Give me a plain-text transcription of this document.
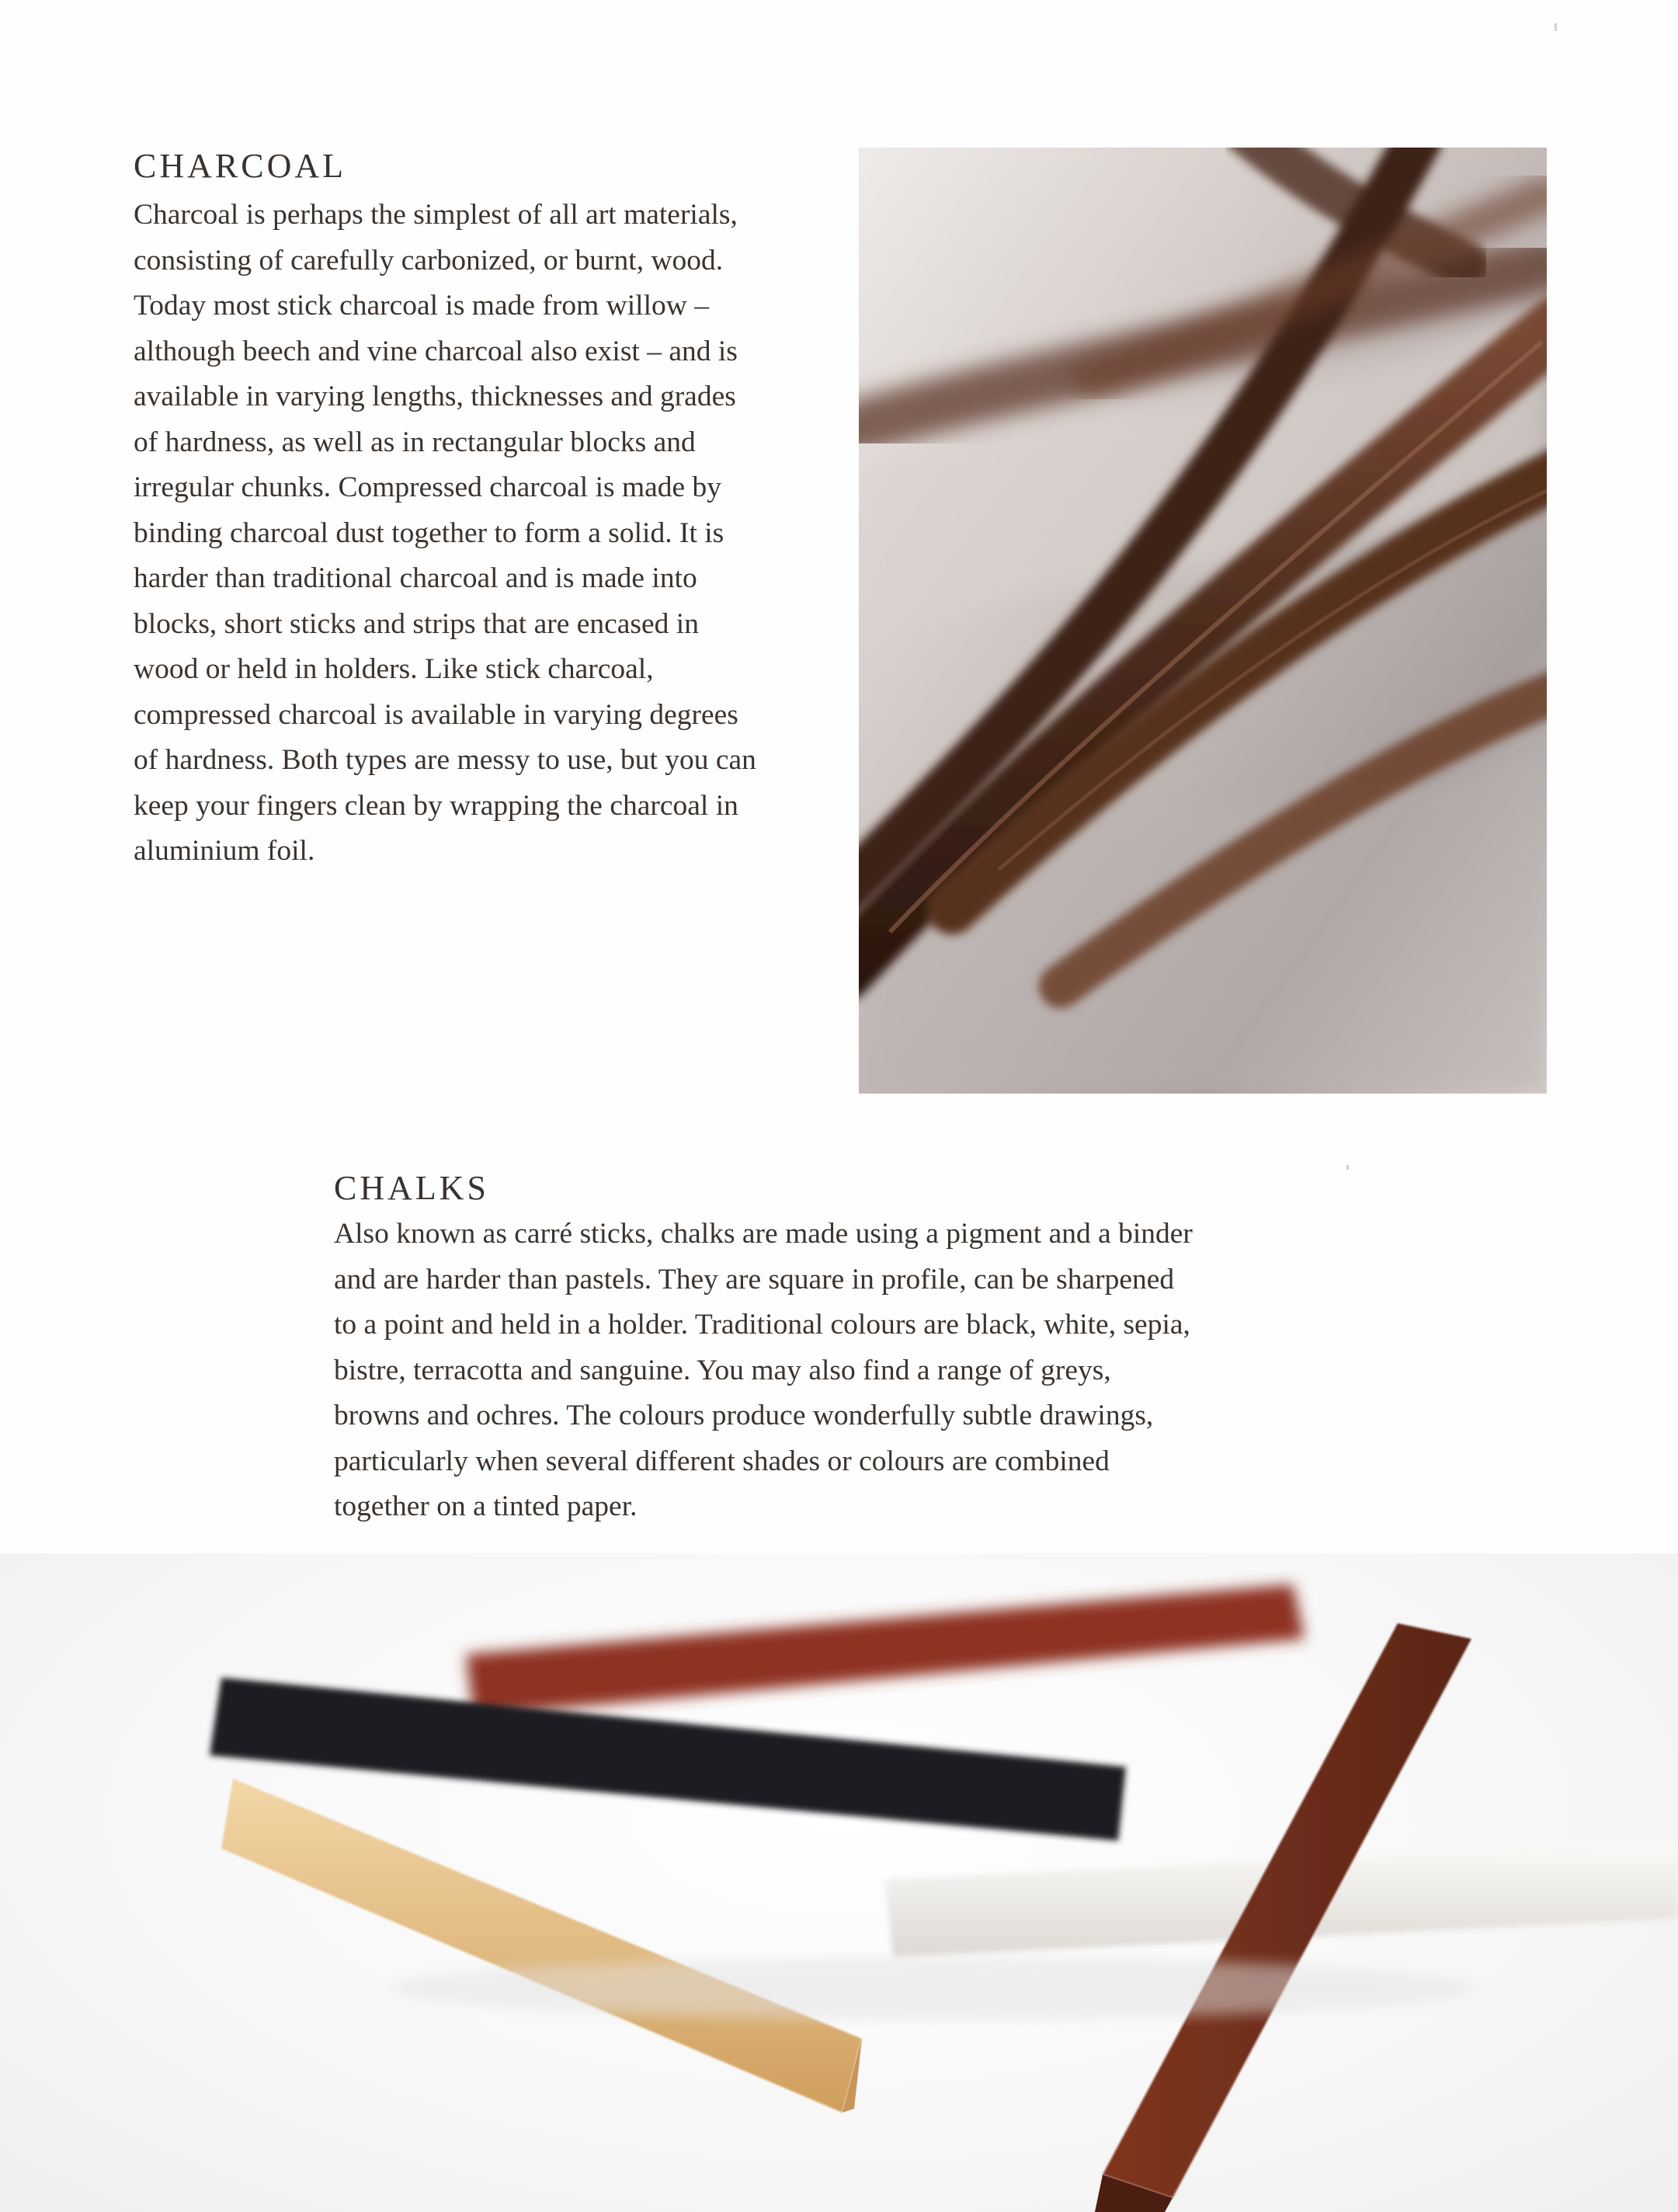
CHARCOAL

Charcoal is perhaps the simplest of all art materials,
consisting of carefully carbonized, or burnt, wood.
Today most stick charcoal is made from willow –
although beech and vine charcoal also exist – and is
available in varying lengths, thicknesses and grades
of hardness, as well as in rectangular blocks and
irregular chunks. Compressed charcoal is made by
binding charcoal dust together to form a solid. It is
harder than traditional charcoal and is made into
blocks, short sticks and strips that are encased in
wood or held in holders. Like stick charcoal,
compressed charcoal is available in varying degrees
of hardness. Both types are messy to use, but you can
keep your fingers clean by wrapping the charcoal in
aluminium foil.

CHALKS

Also known as carré sticks, chalks are made using a pigment and a binder
and are harder than pastels. They are square in profile, can be sharpened
to a point and held in a holder. Traditional colours are black, white, sepia,
bistre, terracotta and sanguine. You may also find a range of greys,
browns and ochres. The colours produce wonderfully subtle drawings,
particularly when several different shades or colours are combined
together on a tinted paper.
